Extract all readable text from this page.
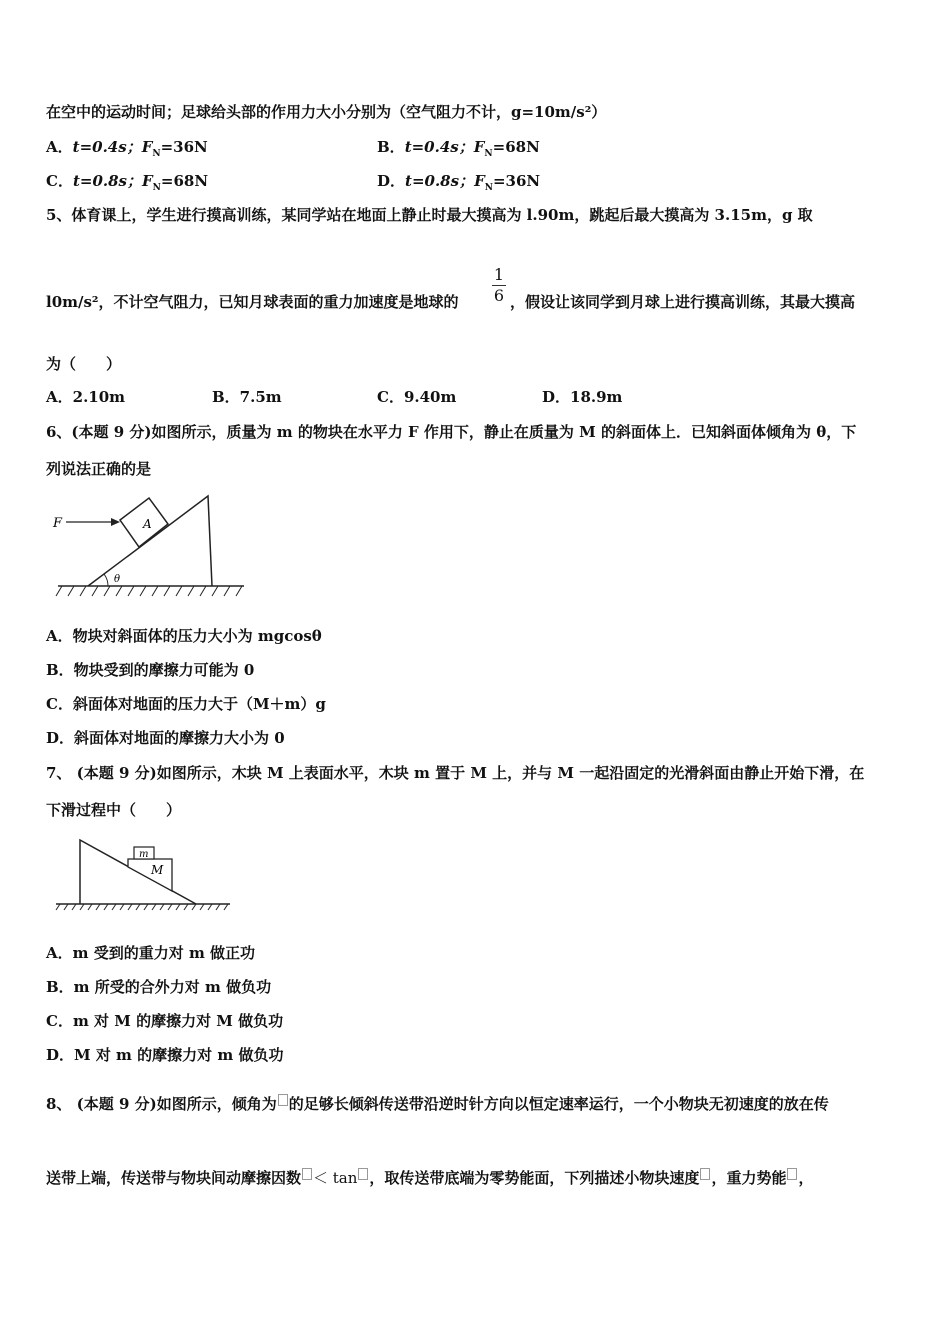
在空中的运动时间；足球给头部的作用力大小分别为（空气阻力不计，g=10m/s²）
A．t=0.4s；$F_N=36N$	B．t=0.4s；$F_N=68N$
C．t=0.8s；$F_N=68N$	D．t=0.8s；$F_N=36N$
5、体育课上，学生进行摸高训练，某同学站在地面上静止时最大摸高为 l.90m，跳起后最大摸高为 3.15m，g 取
l0m/s²，不计空气阻力，已知月球表面的重力加速度是地球的
1
6 ，假设让该同学到月球上进行摸高训练，其最大摸高
为（　　）
A．2.10m	B．7.5m	C．9.40m	D．18.9m
6、(本题 9 分)如图所示，质量为 m 的物块在水平力 F 作用下，静止在质量为 M 的斜面体上．已知斜面体倾角为 θ，下
列说法正确的是
A
F
θ
A．物块对斜面体的压力大小为 mgcosθ
B．物块受到的摩擦力可能为 0
C．斜面体对地面的压力大于（M＋m）g
D．斜面体对地面的摩擦力大小为 0
7、 (本题 9 分)如图所示，木块 M 上表面水平，木块 m 置于 M 上，并与 M 一起沿固定的光滑斜面由静止开始下滑，在
下滑过程中（　　）
M
m
A．m 受到的重力对 m 做正功
B．m 所受的合外力对 m 做负功
C．m 对 M 的摩擦力对 M 做负功
D．M 对 m 的摩擦力对 m 做负功
8、 (本题 9 分)如图所示，倾角为 的足够长倾斜传送带沿逆时针方向以恒定速率运行，一个小物块无初速度的放在传
送带上端，传送带与物块间动摩擦因数 ＜ tan ，取传送带底端为零势能面，下列描述小物块速度 ，重力势能 ，
